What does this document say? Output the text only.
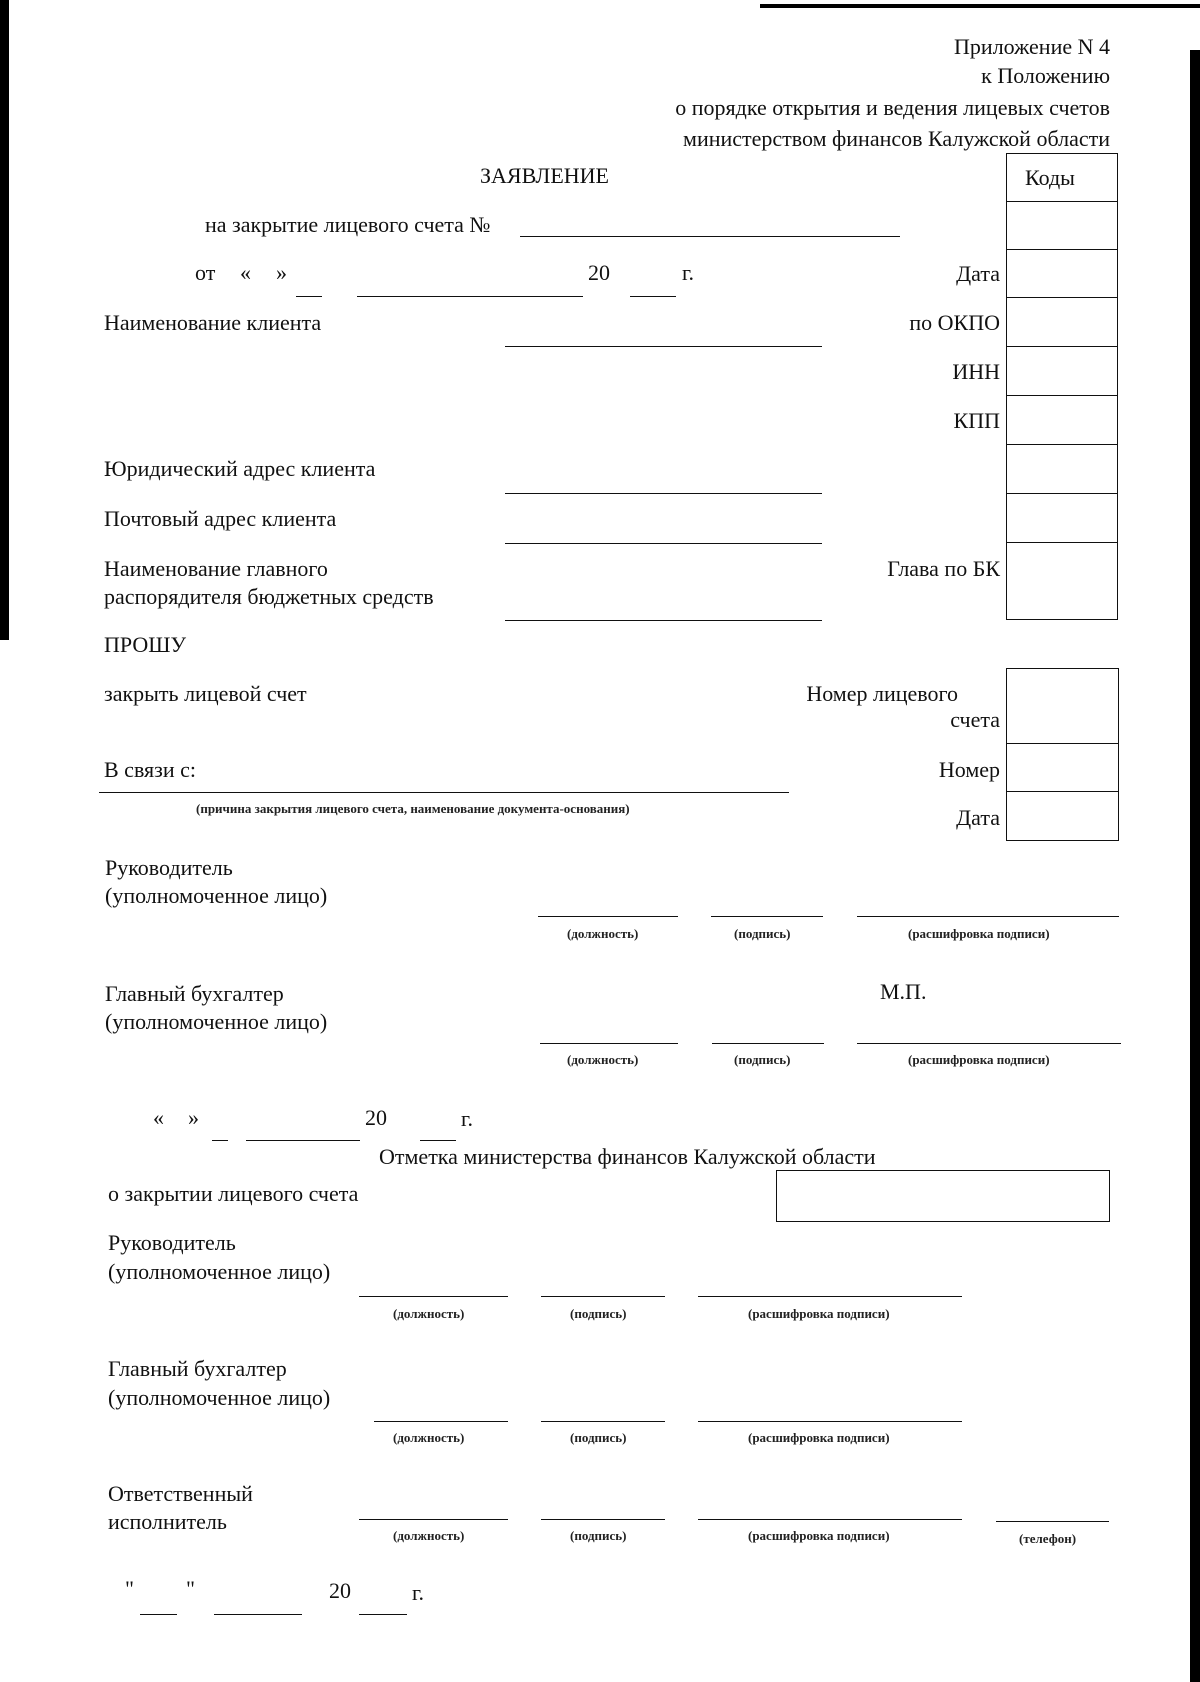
Приложение N 4
к Положению
о порядке открытия и ведения лицевых счетов
министерством финансов Калужской области
Коды
ЗАЯВЛЕНИЕ
на закрытие лицевого счета №
от « »	20	г.	Дата
Наименование клиента	по ОКПО
ИНН
КПП
Юридический адрес клиента
Почтовый адрес клиента
Наименование главного
распорядителя бюджетных средств
Глава по БК
ПРОШУ
закрыть лицевой счет	Номер лицевого
счета
В связи с:	Номер
(причина закрытия лицевого счета, наименование документа-основания)	Дата
Руководитель
(уполномоченное лицо)
(должность)	(подпись)	(расшифровка подписи)
Главный бухгалтер
(уполномоченное лицо)
М.П.
(должность)	(подпись)	(расшифровка подписи)
« »	20	г.
Отметка министерства финансов Калужской области
о закрытии лицевого счета
Руководитель
(уполномоченное лицо)
(должность)	(подпись)	(расшифровка подписи)
Главный бухгалтер
(уполномоченное лицо)
(должность)	(подпись)	(расшифровка подписи)
Ответственный
исполнитель
(должность)	(подпись)	(расшифровка подписи)	(телефон)
" "	20	г.
